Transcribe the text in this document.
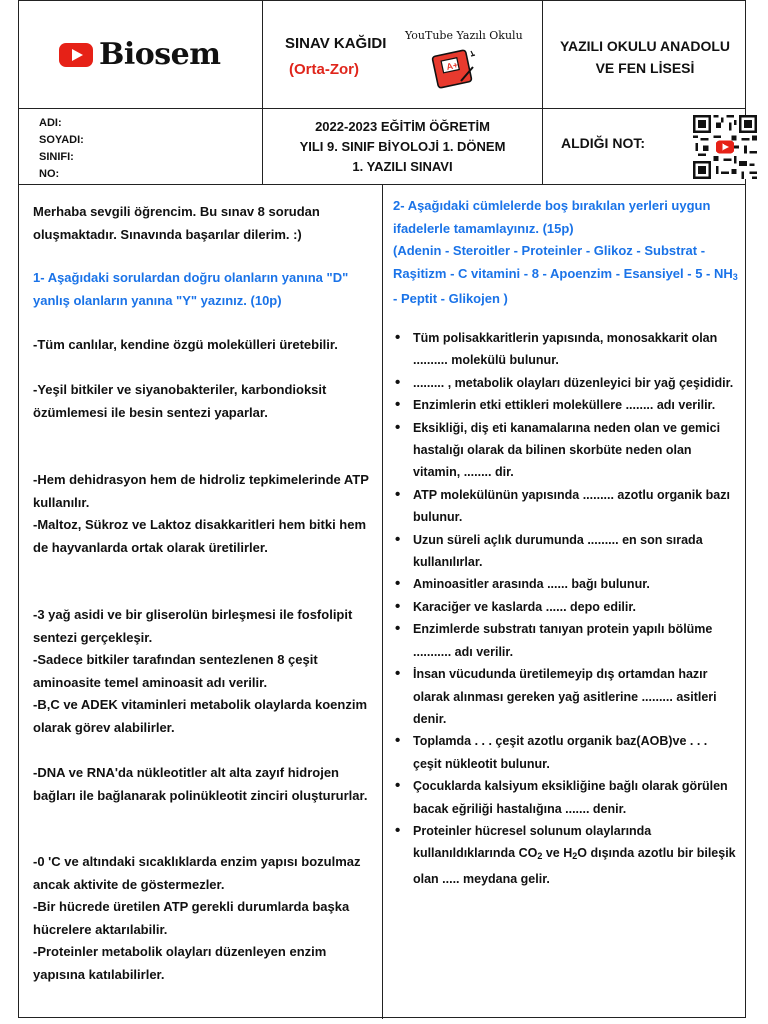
Biosem	SINAV KAĞIDI
(Orta-Zor)
YouTube Yazılı Okulu
A+
YAZILI OKULU ANADOLU
VE FEN LİSESİ
ADI:
SOYADI:
SINIFI:
NO:
2022-2023 EĞİTİM ÖĞRETİM
YILI 9. SINIF BİYOLOJİ 1. DÖNEM
1. YAZILI SINAVI
ALDIĞI NOT:
Merhaba sevgili öğrencim. Bu sınav 8 sorudan oluşmaktadır. Sınavında başarılar dilerim. :)
1- Aşağıdaki sorulardan doğru olanların yanına "D" yanlış olanların yanına "Y" yazınız. (10p)
-Tüm canlılar, kendine özgü molekülleri üretebilir.
-Yeşil bitkiler ve siyanobakteriler, karbondioksit özümlemesi ile besin sentezi yaparlar.
-Hem dehidrasyon hem de hidroliz tepkimelerinde ATP kullanılır.
-Maltoz, Sükroz ve Laktoz disakkaritleri hem bitki hem de hayvanlarda ortak olarak üretilirler.
-3 yağ asidi ve bir gliserolün birleşmesi ile fosfolipit sentezi gerçekleşir.
-Sadece bitkiler tarafından sentezlenen 8 çeşit aminoasite temel aminoasit adı verilir.
-B,C ve ADEK vitaminleri metabolik olaylarda koenzim olarak görev alabilirler.
-DNA ve RNA'da nükleotitler alt alta zayıf hidrojen bağları ile bağlanarak polinükleotit zinciri oluştururlar.
-0 'C ve altındaki sıcaklıklarda enzim yapısı bozulmaz ancak aktivite de göstermezler.
-Bir hücrede üretilen ATP gerekli durumlarda başka hücrelere aktarılabilir.
-Proteinler metabolik olayları düzenleyen enzim yapısına katılabilirler.
2- Aşağıdaki cümlelerde boş bırakılan yerleri uygun ifadelerle tamamlayınız. (15p)
(Adenin - Steroitler - Proteinler - Glikoz - Substrat - Raşitizm - C vitamini - 8 - Apoenzim - Esansiyel - $5 - NH_3$ - Peptit - Glikojen )
• Tüm polisakkaritlerin yapısında, monosakkarit olan .......... molekülü bulunur.
• ......... , metabolik olayları düzenleyici bir yağ çeşididir.
• Enzimlerin etki ettikleri moleküllere ........ adı verilir.
• Eksikliği, diş eti kanamalarına neden olan ve gemici hastalığı olarak da bilinen skorbüte neden olan vitamin, ........ dir.
• ATP molekülünün yapısında ......... azotlu organik bazı bulunur.
• Uzun süreli açlık durumunda ......... en son sırada kullanılırlar.
• Aminoasitler arasında ...... bağı bulunur.
• Karaciğer ve kaslarda ...... depo edilir.
• Enzimlerde substratı tanıyan protein yapılı bölüme ........... adı verilir.
• İnsan vücudunda üretilemeyip dış ortamdan hazır olarak alınması gereken yağ asitlerine ......... asitleri denir.
• Toplamda . . . çeşit azotlu organik baz(AOB)ve . . . çeşit nükleotit bulunur.
• Çocuklarda kalsiyum eksikliğine bağlı olarak görülen bacak eğriliği hastalığına ....... denir.
• Proteinler hücresel solunum olaylarında kullanıldıklarında $CO_2$ ve $H_2O$ dışında azotlu bir bileşik olan ..... meydana gelir.
